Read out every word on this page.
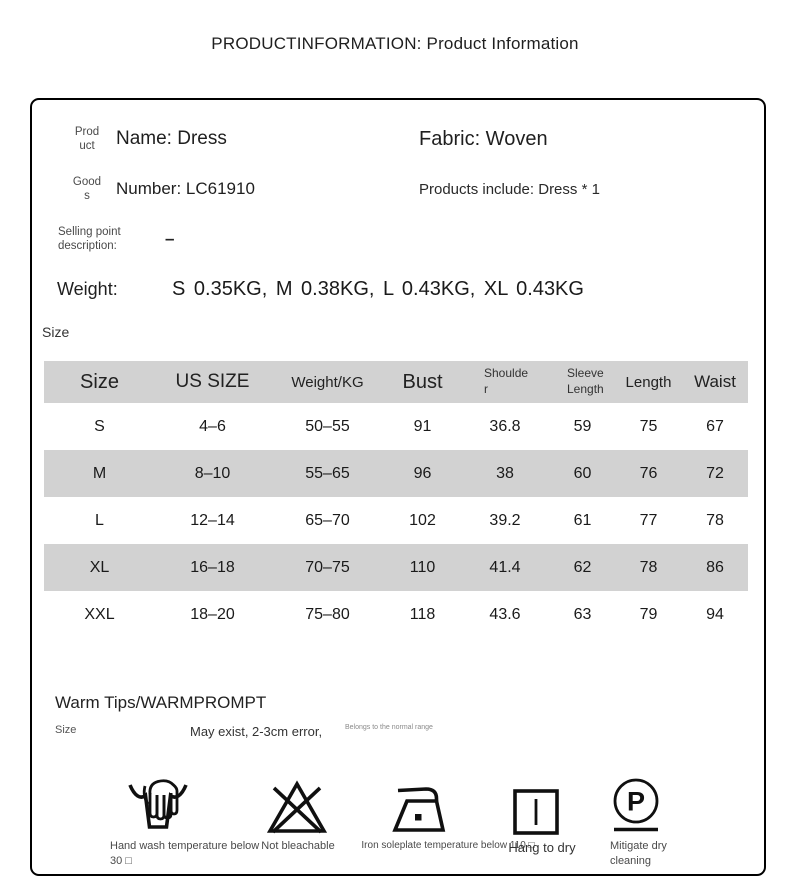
PRODUCTINFORMATION: Product Information
Product	Name: Dress	Fabric: Woven
Goods	Number: LC61910	Products include: Dress * 1
Selling point description:	–
Weight:	S 0.35KG, M 0.38KG, L 0.43KG, XL 0.43KG
Size
Size	US SIZE	Weight/KG	Bust	Shoulder	Sleeve Length	Length	Waist
S	4–6	50–55	91	36.8	59	75	67
M	8–10	55–65	96	38	60	76	72
L	12–14	65–70	102	39.2	61	77	78
XL	16–18	70–75	110	41.4	62	78	86
XXL	18–20	75–80	118	43.6	63	79	94
Warm Tips/WARMPROMPT
Size	May exist, 2-3cm error,	Belongs to the normal range
Hand wash temperature below 30 □
Not bleachable	Iron soleplate temperature below 110 □
Hang to dry
P
Mitigate dry cleaning
